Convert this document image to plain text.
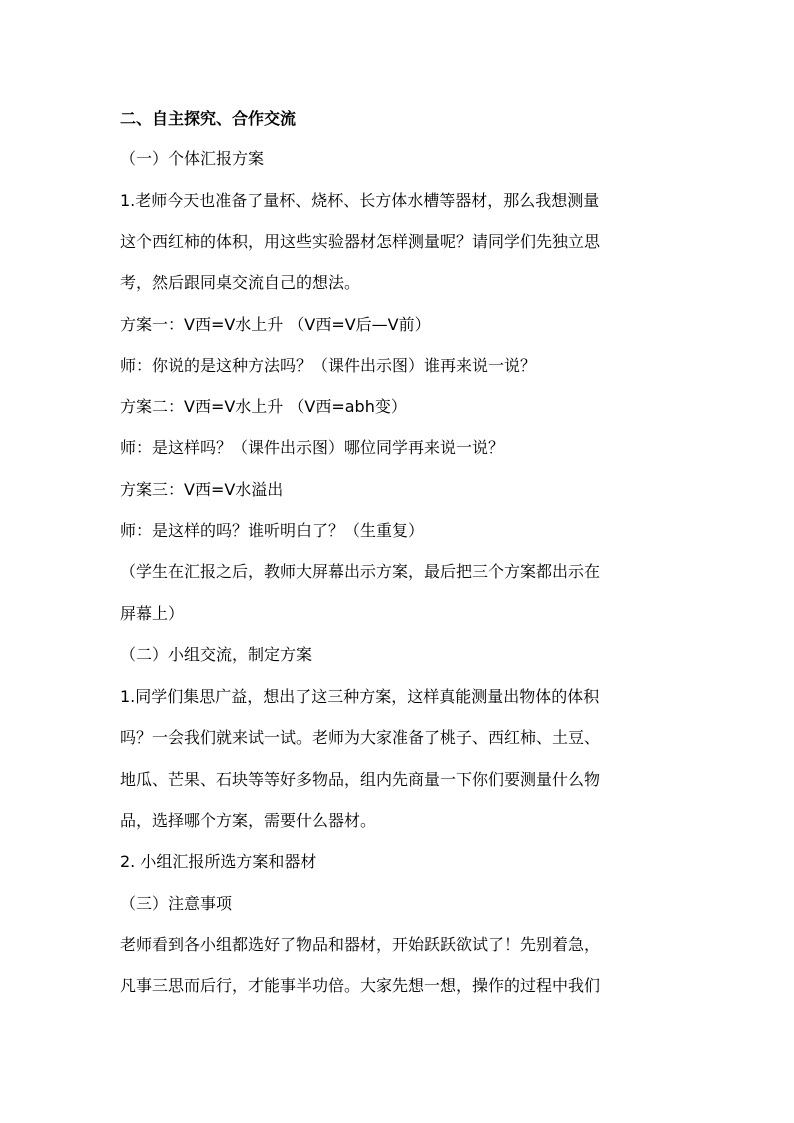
二、自主探究、合作交流
（一）个体汇报方案
1.老师今天也准备了量杯、烧杯、长方体水槽等器材，那么我想测量
这个西红柿的体积，用这些实验器材怎样测量呢？请同学们先独立思
考，然后跟同桌交流自己的想法。
方案一：V西=V水上升 （V西=V后—V前）
师：你说的是这种方法吗？（课件出示图）谁再来说一说？
方案二：V西=V水上升 （V西=abh变）
师：是这样吗？（课件出示图）哪位同学再来说一说？
方案三：V西=V水溢出
师：是这样的吗？谁听明白了？（生重复）
（学生在汇报之后，教师大屏幕出示方案，最后把三个方案都出示在
屏幕上）
（二）小组交流，制定方案
1.同学们集思广益，想出了这三种方案，这样真能测量出物体的体积
吗？一会我们就来试一试。老师为大家准备了桃子、西红柿、土豆、
地瓜、芒果、石块等等好多物品，组内先商量一下你们要测量什么物
品，选择哪个方案，需要什么器材。
2. 小组汇报所选方案和器材
（三）注意事项
老师看到各小组都选好了物品和器材，开始跃跃欲试了！先别着急，
凡事三思而后行，才能事半功倍。大家先想一想，操作的过程中我们
